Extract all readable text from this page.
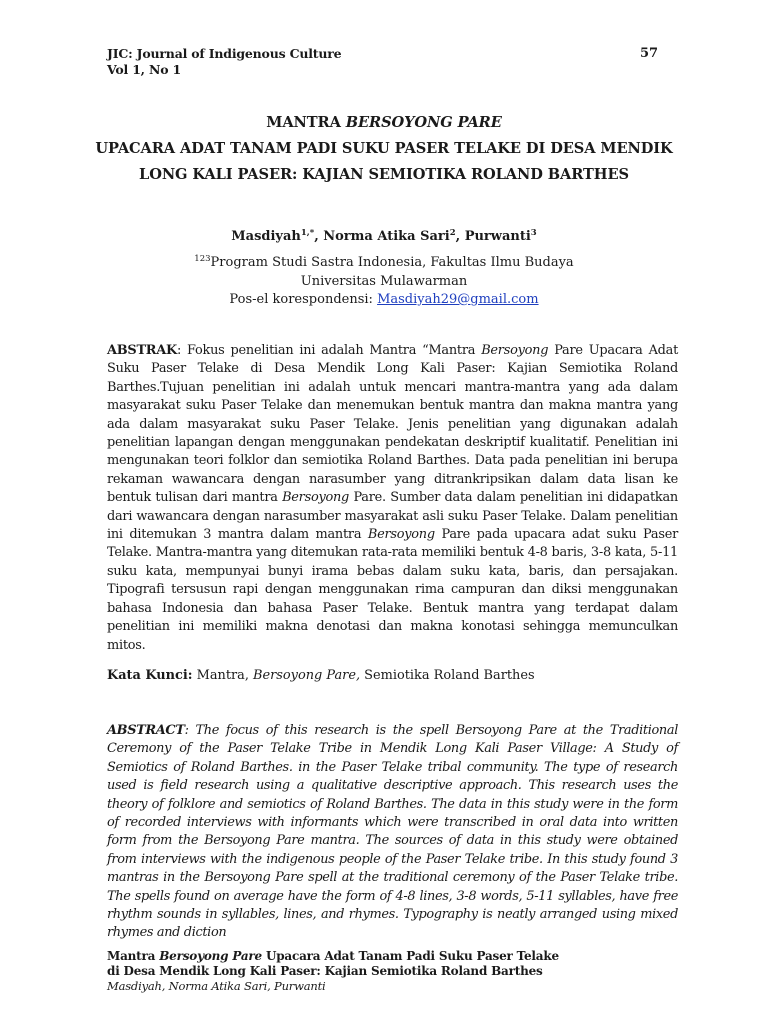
JIC: Journal of Indigenous Culture
Vol 1, No 1
57
MANTRA BERSOYONG PARE
UPACARA ADAT TANAM PADI SUKU PASER TELAKE DI DESA MENDIK
LONG KALI PASER: KAJIAN SEMIOTIKA ROLAND BARTHES
Masdiyah$^{1,*}$, Norma Atika Sari$^2$, Purwanti$^3$
$^{123}$Program Studi Sastra Indonesia, Fakultas Ilmu Budaya
Universitas Mulawarman
Pos-el korespondensi: Masdiyah29@gmail.com
ABSTRAK: Fokus penelitian ini adalah Mantra “Mantra Bersoyong Pare Upacara Adat Suku Paser Telake di Desa Mendik Long Kali Paser: Kajian Semiotika Roland Barthes.Tujuan penelitian ini adalah untuk mencari mantra-mantra yang ada dalam masyarakat suku Paser Telake dan menemukan bentuk mantra dan makna mantra yang ada dalam masyarakat suku Paser Telake. Jenis penelitian yang digunakan adalah penelitian lapangan dengan menggunakan pendekatan deskriptif kualitatif. Penelitian ini mengunakan teori folklor dan semiotika Roland Barthes. Data pada penelitian ini berupa rekaman wawancara dengan narasumber yang ditrankripsikan dalam data lisan ke bentuk tulisan dari mantra Bersoyong Pare. Sumber data dalam penelitian ini didapatkan dari wawancara dengan narasumber masyarakat asli suku Paser Telake. Dalam penelitian ini ditemukan 3 mantra dalam mantra Bersoyong Pare pada upacara adat suku Paser Telake. Mantra-mantra yang ditemukan rata-rata memiliki bentuk 4-8 baris, 3-8 kata, 5-11 suku kata, mempunyai bunyi irama bebas dalam suku kata, baris, dan persajakan. Tipografi tersusun rapi dengan menggunakan rima campuran dan diksi menggunakan bahasa Indonesia dan bahasa Paser Telake. Bentuk mantra yang terdapat dalam penelitian ini memiliki makna denotasi dan makna konotasi sehingga memunculkan mitos.
Kata Kunci: Mantra, Bersoyong Pare, Semiotika Roland Barthes
ABSTRACT: The focus of this research is the spell Bersoyong Pare at the Traditional Ceremony of the Paser Telake Tribe in Mendik Long Kali Paser Village: A Study of Semiotics of Roland Barthes. in the Paser Telake tribal community. The type of research used is field research using a qualitative descriptive approach. This research uses the theory of folklore and semiotics of Roland Barthes. The data in this study were in the form of recorded interviews with informants which were transcribed in oral data into written form from the Bersoyong Pare mantra. The sources of data in this study were obtained from interviews with the indigenous people of the Paser Telake tribe. In this study found 3 mantras in the Bersoyong Pare spell at the traditional ceremony of the Paser Telake tribe. The spells found on average have the form of 4-8 lines, 3-8 words, 5-11 syllables, have free rhythm sounds in syllables, lines, and rhymes. Typography is neatly arranged using mixed rhymes and diction
Mantra Bersoyong Pare Upacara Adat Tanam Padi Suku Paser Telake
di Desa Mendik Long Kali Paser: Kajian Semiotika Roland Barthes
Masdiyah, Norma Atika Sari, Purwanti
